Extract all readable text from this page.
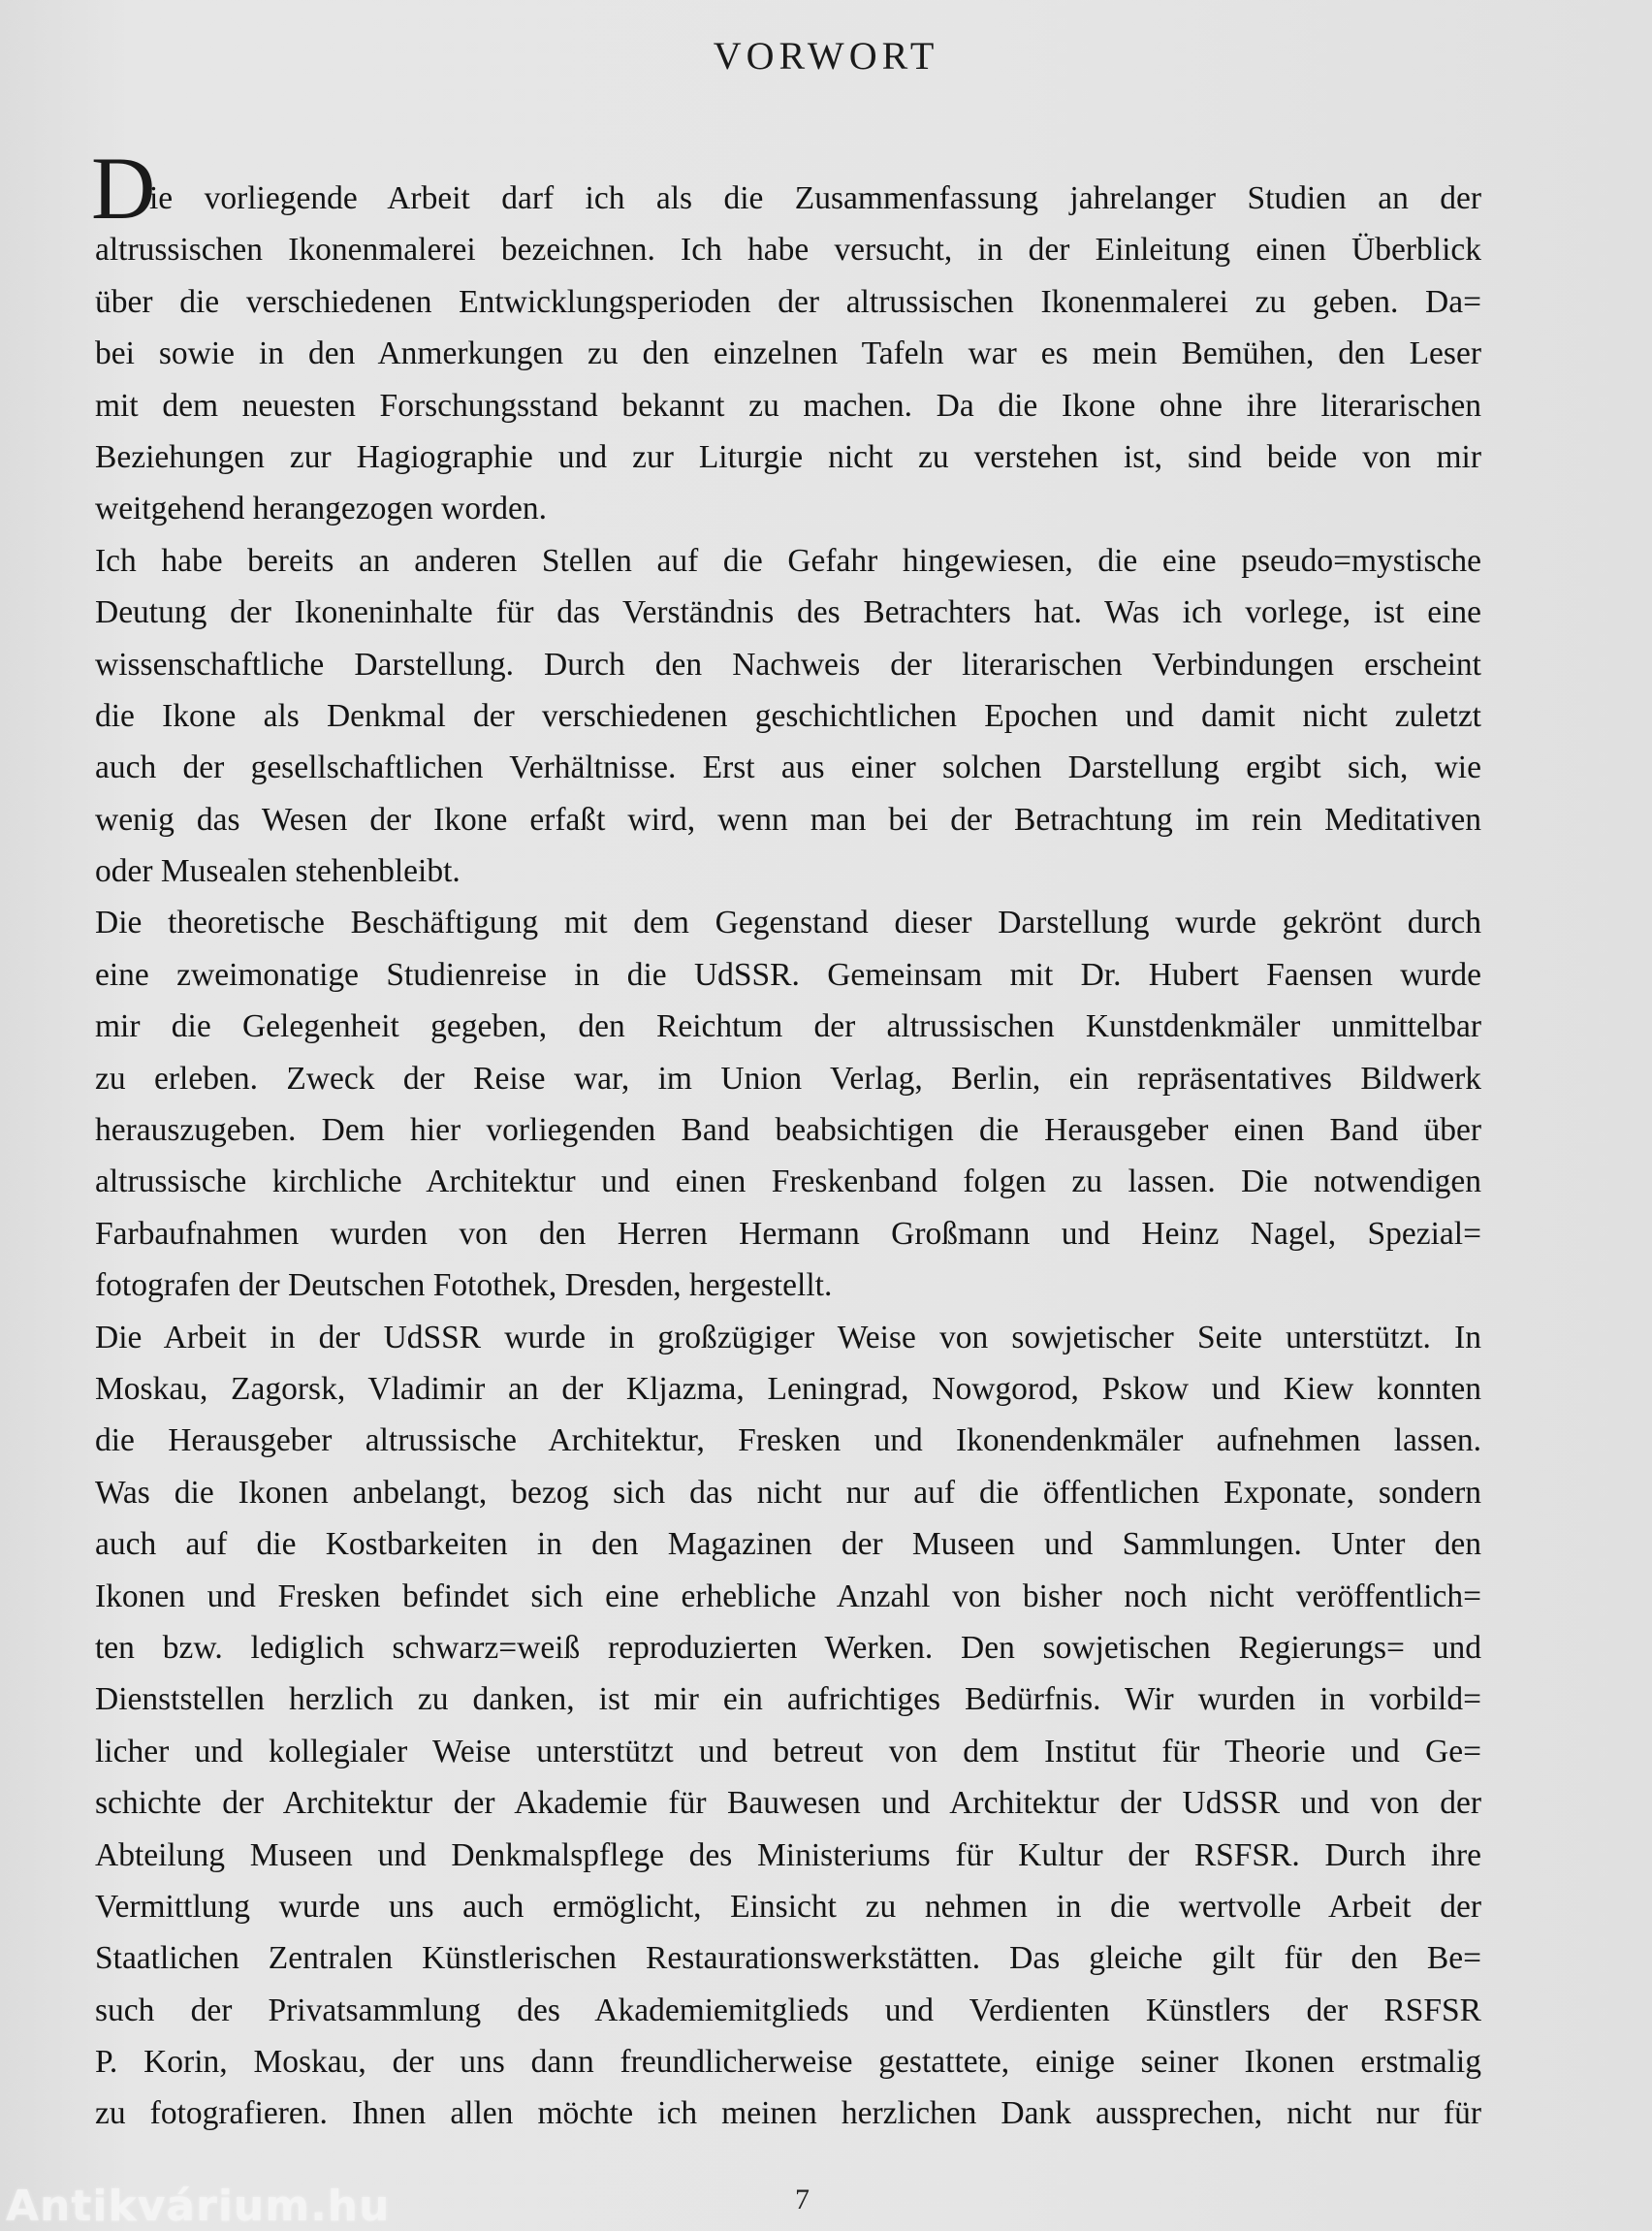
VORWORT
D
ie vorliegende Arbeit darf ich als die Zusammenfassung jahrelanger Studien an der
altrussischen Ikonenmalerei bezeichnen. Ich habe versucht, in der Einleitung einen Überblick
über die verschiedenen Entwicklungsperioden der altrussischen Ikonenmalerei zu geben. Da=
bei sowie in den Anmerkungen zu den einzelnen Tafeln war es mein Bemühen, den Leser
mit dem neuesten Forschungsstand bekannt zu machen. Da die Ikone ohne ihre literarischen
Beziehungen zur Hagiographie und zur Liturgie nicht zu verstehen ist, sind beide von mir
weitgehend herangezogen worden.
Ich habe bereits an anderen Stellen auf die Gefahr hingewiesen, die eine pseudo=mystische
Deutung der Ikoneninhalte für das Verständnis des Betrachters hat. Was ich vorlege, ist eine
wissenschaftliche Darstellung. Durch den Nachweis der literarischen Verbindungen erscheint
die Ikone als Denkmal der verschiedenen geschichtlichen Epochen und damit nicht zuletzt
auch der gesellschaftlichen Verhältnisse. Erst aus einer solchen Darstellung ergibt sich, wie
wenig das Wesen der Ikone erfaßt wird, wenn man bei der Betrachtung im rein Meditativen
oder Musealen stehenbleibt.
Die theoretische Beschäftigung mit dem Gegenstand dieser Darstellung wurde gekrönt durch
eine zweimonatige Studienreise in die UdSSR. Gemeinsam mit Dr. Hubert Faensen wurde
mir die Gelegenheit gegeben, den Reichtum der altrussischen Kunstdenkmäler unmittelbar
zu erleben. Zweck der Reise war, im Union Verlag, Berlin, ein repräsentatives Bildwerk
herauszugeben. Dem hier vorliegenden Band beabsichtigen die Herausgeber einen Band über
altrussische kirchliche Architektur und einen Freskenband folgen zu lassen. Die notwendigen
Farbaufnahmen wurden von den Herren Hermann Großmann und Heinz Nagel, Spezial=
fotografen der Deutschen Fotothek, Dresden, hergestellt.
Die Arbeit in der UdSSR wurde in großzügiger Weise von sowjetischer Seite unterstützt. In
Moskau, Zagorsk, Vladimir an der Kljazma, Leningrad, Nowgorod, Pskow und Kiew konnten
die Herausgeber altrussische Architektur, Fresken und Ikonendenkmäler aufnehmen lassen.
Was die Ikonen anbelangt, bezog sich das nicht nur auf die öffentlichen Exponate, sondern
auch auf die Kostbarkeiten in den Magazinen der Museen und Sammlungen. Unter den
Ikonen und Fresken befindet sich eine erhebliche Anzahl von bisher noch nicht veröffentlich=
ten bzw. lediglich schwarz=weiß reproduzierten Werken. Den sowjetischen Regierungs= und
Dienststellen herzlich zu danken, ist mir ein aufrichtiges Bedürfnis. Wir wurden in vorbild=
licher und kollegialer Weise unterstützt und betreut von dem Institut für Theorie und Ge=
schichte der Architektur der Akademie für Bauwesen und Architektur der UdSSR und von der
Abteilung Museen und Denkmalspflege des Ministeriums für Kultur der RSFSR. Durch ihre
Vermittlung wurde uns auch ermöglicht, Einsicht zu nehmen in die wertvolle Arbeit der
Staatlichen Zentralen Künstlerischen Restaurationswerkstätten. Das gleiche gilt für den Be=
such der Privatsammlung des Akademiemitglieds und Verdienten Künstlers der RSFSR
P. Korin, Moskau, der uns dann freundlicherweise gestattete, einige seiner Ikonen erstmalig
zu fotografieren. Ihnen allen möchte ich meinen herzlichen Dank aussprechen, nicht nur für
7
Antikvárium.hu
